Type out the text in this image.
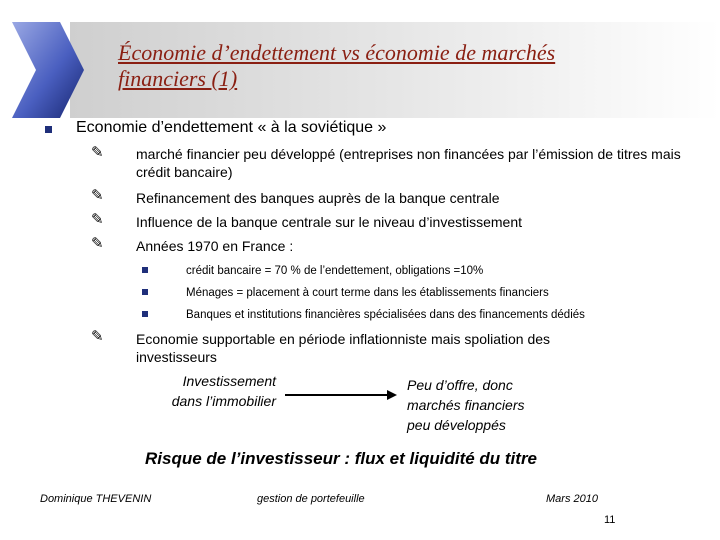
Économie d’endettement vs économie de marchés financiers (1)
Economie d’endettement « à la soviétique »
✎ marché financier peu développé (entreprises non financées par l’émission de titres mais crédit bancaire)
✎ Refinancement des banques auprès de la banque centrale
✎ Influence de la banque centrale sur le niveau d’investissement
✎ Années 1970 en France :
crédit bancaire = 70 % de l’endettement, obligations =10%
Ménages = placement à court terme dans les établissements financiers
Banques et institutions financières spécialisées dans des financements dédiés
✎ Economie supportable en période inflationniste mais spoliation des investisseurs
Investissement
dans l’immobilier
Peu d’offre, donc
marchés financiers
peu développés
Risque de l’investisseur : flux et liquidité du titre
Dominique THEVENIN	gestion de portefeuille	Mars 2010
11
